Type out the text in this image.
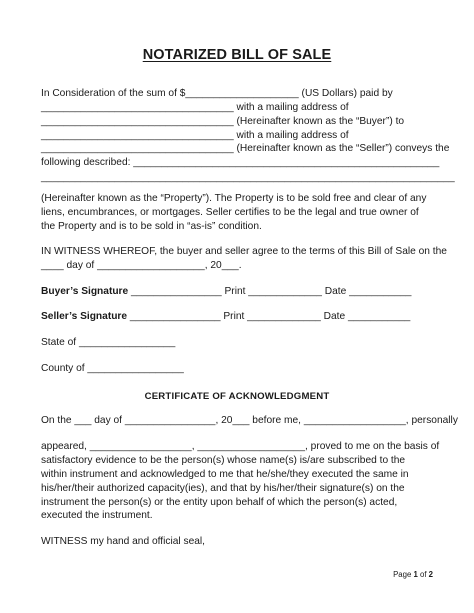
NOTARIZED BILL OF SALE
In Consideration of the sum of $____________________ (US Dollars) paid by
__________________________________ with a mailing address of
__________________________________ (Hereinafter known as the “Buyer”) to
__________________________________ with a mailing address of
__________________________________ (Hereinafter known as the “Seller”) conveys the
following described: ______________________________________________________
_________________________________________________________________________
(Hereinafter known as the “Property”). The Property is to be sold free and clear of any
liens, encumbrances, or mortgages. Seller certifies to be the legal and true owner of
the Property and is to be sold in “as-is” condition.
IN WITNESS WHEREOF, the buyer and seller agree to the terms of this Bill of Sale on the
____ day of ___________________, 20___.
Buyer’s Signature ________________ Print _____________ Date ___________
Seller’s Signature ________________ Print _____________ Date ___________
State of _________________
County of _________________
CERTIFICATE OF ACKNOWLEDGMENT
On the ___ day of ________________, 20___ before me, __________________, personally
appeared, __________________, ___________________, proved to me on the basis of
satisfactory evidence to be the person(s) whose name(s) is/are subscribed to the
within instrument and acknowledged to me that he/she/they executed the same in
his/her/their authorized capacity(ies), and that by his/her/their signature(s) on the
instrument the person(s) or the entity upon behalf of which the person(s) acted,
executed the instrument.
WITNESS my hand and official seal,
Page 1 of 2
